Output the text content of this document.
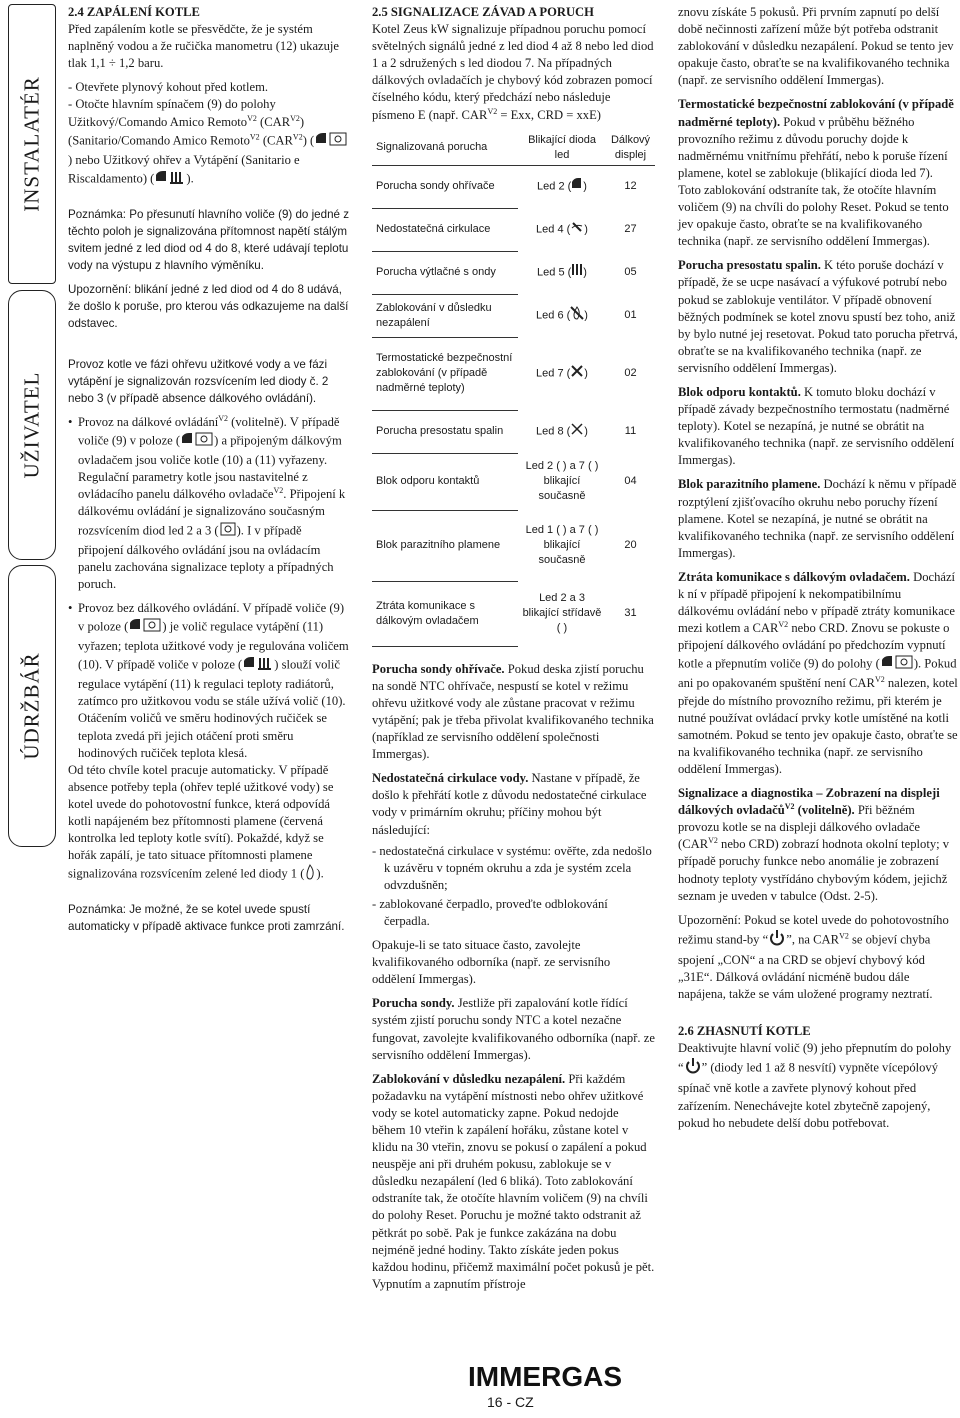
INSTALATÉR
UŽIVATEL
ÚDRŽBÁŘ

2.4 ZAPÁLENÍ KOTLE

Před zapálením kotle se přesvědčte, že je systém naplněný vodou a že ručička manometru (12) ukazuje tlak 1,1 ÷ 1,2 baru.

- Otevřete plynový kohout před kotlem.

- Otočte hlavním spínačem (9) do polohy Užitkový/Comando Amico Remoto$^{V2}$ $(CAR^{V2})$ (Sanitario/Comando Amico Remoto$^{V2}$ $(CAR^{V2})$ () nebo Užitkový ohřev a Vytápění (Sanitario e Riscaldamento) (	).

Poznámka: Po přesunutí hlavního voliče (9) do jedné z těchto poloh je signalizována přítomnost napětí stálým svitem jedné z led diod od 4 do 8, které udávají teplotu vody na výstupu z hlavního výměníku.

Upozornění: blikání jedné z led diod od 4 do 8 udává, že došlo k poruše, pro kterou vás odkazujeme na další odstavec.

Provoz kotle ve fázi ohřevu užitkové vody a ve fázi vytápění je signalizován rozsvícením led diody č. 2 nebo 3 (v případě absence dálkového ovládání).

• Provoz na dálkové ovládání$^{V2}$ (volitelně). V případě voliče (9) v poloze (	) a připojeným dálkovým ovladačem jsou voliče kotle (10) a (11) vyřazeny. Regulační parametry kotle jsou nastavitelné z ovládacího panelu dálkového ovladače$^{V2}$. Připojení k dálkovému ovládání je signalizováno současným rozsvícením diod led 2 a 3 ( ). I v případě připojení dálkového ovládání jsou na ovládacím panelu zachována signalizace teploty a případných poruch.

• Provoz bez dálkového ovládání. V případě voliče (9) v poloze (	) je volič regulace vytápění (11) vyřazen; teplota užitkové vody je regulována voličem (10). V případě voliče v poloze (	) slouží volič regulace vytápění (11) k regulaci teploty radiátorů, zatímco pro užitkovou vodu se stále užívá volič (10). Otáčením voličů ve směru hodinových ručiček se teplota zvedá při jejich otáčení proti směru hodinových ručiček teplota klesá.

Od této chvíle kotel pracuje automaticky. V případě absence potřeby tepla (ohřev teplé užitkové vody) se kotel uvede do pohotovostní funkce, která odpovídá kotli napájeném bez přítomnosti plamene (červená kontrolka led teploty kotle svítí). Pokaždé, když se hořák zapálí, je tato situace přítomnosti plamene signalizována rozsvícením zelené led diody 1 ( ).

Poznámka: Je možné, že se kotel uvede spustí automaticky v případě aktivace funkce proti zamrzání.

2.5 SIGNALIZACE ZÁVAD A PORUCH

Kotel Zeus kW signalizuje případnou poruchu pomocí světelných signálů jedné z led diod 4 až 8 nebo led diod 1 a 2 sdružených s led diodou 7. Na případných dálkových ovladačích je chybový kód zobrazen pomocí číselného kódu, který předchází nebo následuje písmeno E (např. $CAR^{V2}$ = Exx, CRD = xxE)

Signalizovaná porucha	Blikající dioda led	Dálkový displej
Porucha sondy ohřívače	Led 2 ( )	12
Nedostatečná cirkulace	Led 4 ( )	27
Porucha výtlačné s ondy	Led 5 ( )	05
Zablokování v důsledku nezapálení	Led 6 ( )	01
Termostatické bezpečnostní zablokování (v případě nadměrné teploty)	Led 7 ( )	02
Porucha presostatu spalin	Led 8 ( )	11
Blok odporu kontaktů	Led 2 ( ) a 7 ( ) blikající současně	04
Blok parazitního plamene	Led 1 ( ) a 7 ( ) blikající současně	20
Ztráta komunikace s dálkovým ovladačem	Led 2 a 3 blikající střídavě ( )	31

Porucha sondy ohřívače. Pokud deska zjistí poruchu na sondě NTC ohřívače, nespustí se kotel v režimu ohřevu užitkové vody ale zůstane pracovat v režimu vytápění; pak je třeba přivolat kvalifikovaného technika (například ze servisního oddělení společnosti Immergas).

Nedostatečná cirkulace vody. Nastane v případě, že došlo k přehřátí kotle z důvodu nedostatečné cirkulace vody v primárním okruhu; příčiny mohou být následující:

- nedostatečná cirkulace v systému: ověřte, zda nedošlo k uzávěru v topném okruhu a zda je systém zcela odvzdušněn;

- zablokované čerpadlo, proveďte odblokování čerpadla.

Opakuje-li se tato situace často, zavolejte kvalifikovaného odborníka (např. ze servisního oddělení Immergas).

Porucha sondy. Jestliže při zapalování kotle řídící systém zjistí poruchu sondy NTC a kotel nezačne fungovat, zavolejte kvalifikovaného odborníka (např. ze servisního oddělení Immergas).

Zablokování v důsledku nezapálení. Při každém požadavku na vytápění místnosti nebo ohřev užitkové vody se kotel automaticky zapne. Pokud nedojde během 10 vteřin k zapálení hořáku, zůstane kotel v klidu na 30 vteřin, znovu se pokusí o zapálení a pokud neuspěje ani při druhém pokusu, zablokuje se v důsledku nezapálení (led 6 bliká). Toto zablokování odstraníte tak, že otočíte hlavním voličem (9) na chvíli do polohy Reset. Poruchu je možné takto odstranit až pětkrát po sobě. Pak je funkce zakázána na dobu nejméně jedné hodiny. Takto získáte jeden pokus každou hodinu, přičemž maximální počet pokusů je pět. Vypnutím a zapnutím přístroje

znovu získáte 5 pokusů. Při prvním zapnutí po delší době nečinnosti zařízení může být potřeba odstranit zablokování v důsledku nezapálení. Pokud se tento jev opakuje často, obraťte se na kvalifikovaného technika (např. ze servisního oddělení Immergas).

Termostatické bezpečnostní zablokování (v případě nadměrné teploty). Pokud v průběhu běžného provozního režimu z důvodu poruchy dojde k nadměrnému vnitřnímu přehřátí, nebo k poruše řízení plamene, kotel se zablokuje (blikající dioda led 7). Toto zablokování odstraníte tak, že otočíte hlavním voličem (9) na chvíli do polohy Reset. Pokud se tento jev opakuje často, obraťte se na kvalifikovaného technika (např. ze servisního oddělení Immergas).

Porucha presostatu spalin. K této poruše dochází v případě, že se ucpe nasávací a výfukové potrubí nebo pokud se zablokuje ventilátor. V případě obnovení běžných podmínek se kotel znovu spustí bez toho, aniž by bylo nutné jej resetovat. Pokud tato porucha přetrvá, obraťte se na kvalifikovaného technika (např. ze servisního oddělení Immergas).

Blok odporu kontaktů. K tomuto bloku dochází v případě závady bezpečnostního termostatu (nadměrné teploty). Kotel se nezapíná, je nutné se obrátit na kvalifikovaného technika (např. ze servisního oddělení Immergas).

Blok parazitního plamene. Dochází k němu v případě rozptýlení zjišťovacího okruhu nebo poruchy řízení plamene. Kotel se nezapíná, je nutné se obrátit na kvalifikovaného technika (např. ze servisního oddělení Immergas).

Ztráta komunikace s dálkovým ovladačem. Dochází k ní v případě připojení k nekompatibilnímu dálkovému ovládání nebo v případě ztráty komunikace mezi kotlem a $CAR^{V2}$ nebo CRD. Znovu se pokuste o připojení dálkového ovládání po předchozím vypnutí kotle a přepnutím voliče (9) do polohy (	). Pokud ani po opakovaném spuštění není $CAR^{V2}$ nalezen, kotel přejde do místního provozního režimu, při kterém je nutné používat ovládací prvky kotle umístěné na kotli samotném. Pokud se tento jev opakuje často, obraťte se na kvalifikovaného technika (např. ze servisního oddělení Immergas).

Signalizace a diagnostika – Zobrazení na displeji dálkových ovladačů$^{V2}$ (volitelně). Při běžném provozu kotle se na displeji dálkového ovladače ($CAR^{V2}$ nebo CRD) zobrazí hodnota okolní teploty; v případě poruchy funkce nebo anomálie je zobrazení hodnoty teploty vystřídáno chybovým kódem, jejichž seznam je uveden v tabulce (Odst. 2-5).

Upozornění: Pokud se kotel uvede do pohotovostního režimu stand-by “ ”, na $CAR^{V2}$ se objeví chyba spojení „CON“ a na CRD se objeví chybový kód „31E“. Dálková ovládání nicméně budou dále napájena, takže se vám uložené programy neztratí.

2.6 ZHASNUTÍ KOTLE

Deaktivujte hlavní volič (9) jeho přepnutím do polohy “ ” (diody led 1 až 8 nesvítí) vypněte vícepólový spínač vně kotle a zavřete plynový kohout před zařízením. Nenechávejte kotel zbytečně zapojený, pokud ho nebudete delší dobu potřebovat.

IMMERGAS
16 - CZ
